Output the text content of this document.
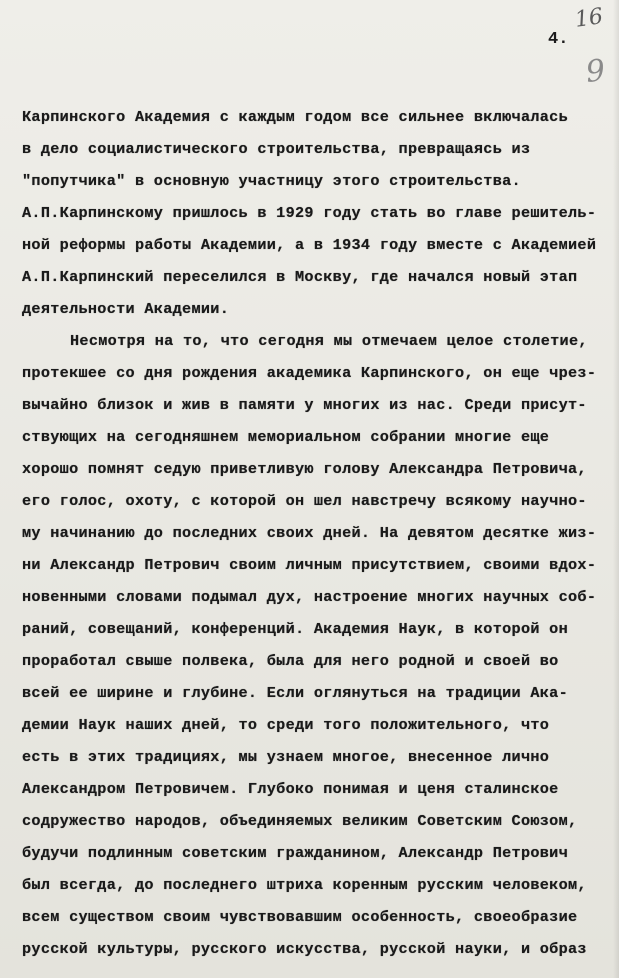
4.
16
9
Карпинского Академия с каждым годом все сильнее включалась
в дело социалистического строительства, превращаясь из
"попутчика" в основную участницу этого строительства.
А.П.Карпинскому пришлось в 1929 году стать во главе решитель-
ной реформы работы Академии, а в 1934 году вместе с Академией
А.П.Карпинский переселился в Москву, где начался новый этап
деятельности Академии.
Несмотря на то, что сегодня мы отмечаем целое столетие,
протекшее со дня рождения академика Карпинского, он еще чрез-
вычайно близок и жив в памяти у многих из нас. Среди присут-
ствующих на сегодняшнем мемориальном собрании многие еще
хорошо помнят седую приветливую голову Александра Петровича,
его голос, охоту, с которой он шел навстречу всякому научно-
му начинанию до последних своих дней. На девятом десятке жиз-
ни Александр Петрович своим личным присутствием, своими вдох-
новенными словами подымал дух, настроение многих научных соб-
раний, совещаний, конференций. Академия Наук, в которой он
проработал свыше полвека, была для него родной и своей во
всей ее ширине и глубине. Если оглянуться на традиции Ака-
демии Наук наших дней, то среди того положительного, что
есть в этих традициях, мы узнаем многое, внесенное лично
Александром Петровичем. Глубоко понимая и ценя сталинское
содружество народов, объединяемых великим Советским Союзом,
будучи подлинным советским гражданином, Александр Петрович
был всегда, до последнего штриха коренным русским человеком,
всем существом своим чувствовавшим особенность, своеобразие
русской культуры, русского искусства, русской науки, и образ
